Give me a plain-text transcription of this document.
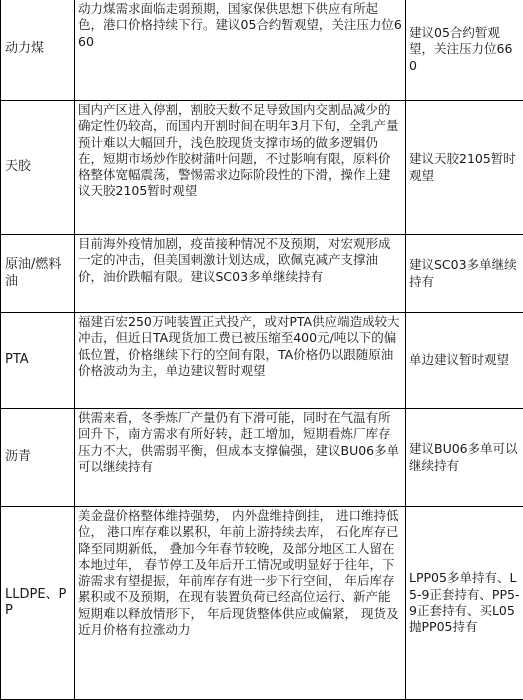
动力煤	动力煤需求面临走弱预期，国家保供思想下供应有所起色，港口价格持续下行。建议05合约暂观望，关注压力位660	建议05合约暂观望，关注压力位660
天胶	国内产区进入停割，割胶天数不足导致国内交割品减少的确定性仍较高，而国内开割时间在明年3月下旬，全乳产量预计难以大幅回升，浅色胶现货支撑市场的做多逻辑仍在，短期市场炒作胶树蒲叶问题，不过影响有限，原料价格整体宽幅震荡，警惕需求边际阶段性的下滑，操作上建议天胶2105暂时观望	建议天胶2105暂时观望
原油/燃料油	目前海外疫情加剧，疫苗接种情况不及预期，对宏观形成一定的冲击，但美国刺激计划达成，欧佩克减产支撑油价，油价跌幅有限。建议SC03多单继续持有	建议SC03多单继续持有
PTA	福建百宏250万吨装置正式投产，或对PTA供应端造成较大冲击，但近日TA现货加工费已被压缩至400元/吨以下的偏低位置，价格继续下行的空间有限，TA价格仍以跟随原油价格波动为主，单边建议暂时观望	单边建议暂时观望
沥青	供需来看，冬季炼厂产量仍有下滑可能，同时在气温有所回升下，南方需求有所好转，赶工增加，短期看炼厂库存压力不大，供需弱平衡，但成本支撑偏强，建议BU06多单可以继续持有	建议BU06多单可以继续持有
LLDPE、PP	美金盘价格整体维持强势， 内外盘维持倒挂， 进口维持低位， 港口库存难以累积，年前上游持续去库， 石化库存已降至同期新低， 叠加今年春节较晚，及部分地区工人留在本地过年， 春节停工及年后开工情况或明显好于往年，下游需求有望提振，年前库存有进一步下行空间， 年后库存累积或不及预期，在现有装置负荷已经高位运行、新产能短期难以释放情形下， 年后现货整体供应或偏紧， 现货及近月价格有拉涨动力	LPP05多单持有、L5-9正套持有、PP5-9正套持有、买L05抛PP05持有
